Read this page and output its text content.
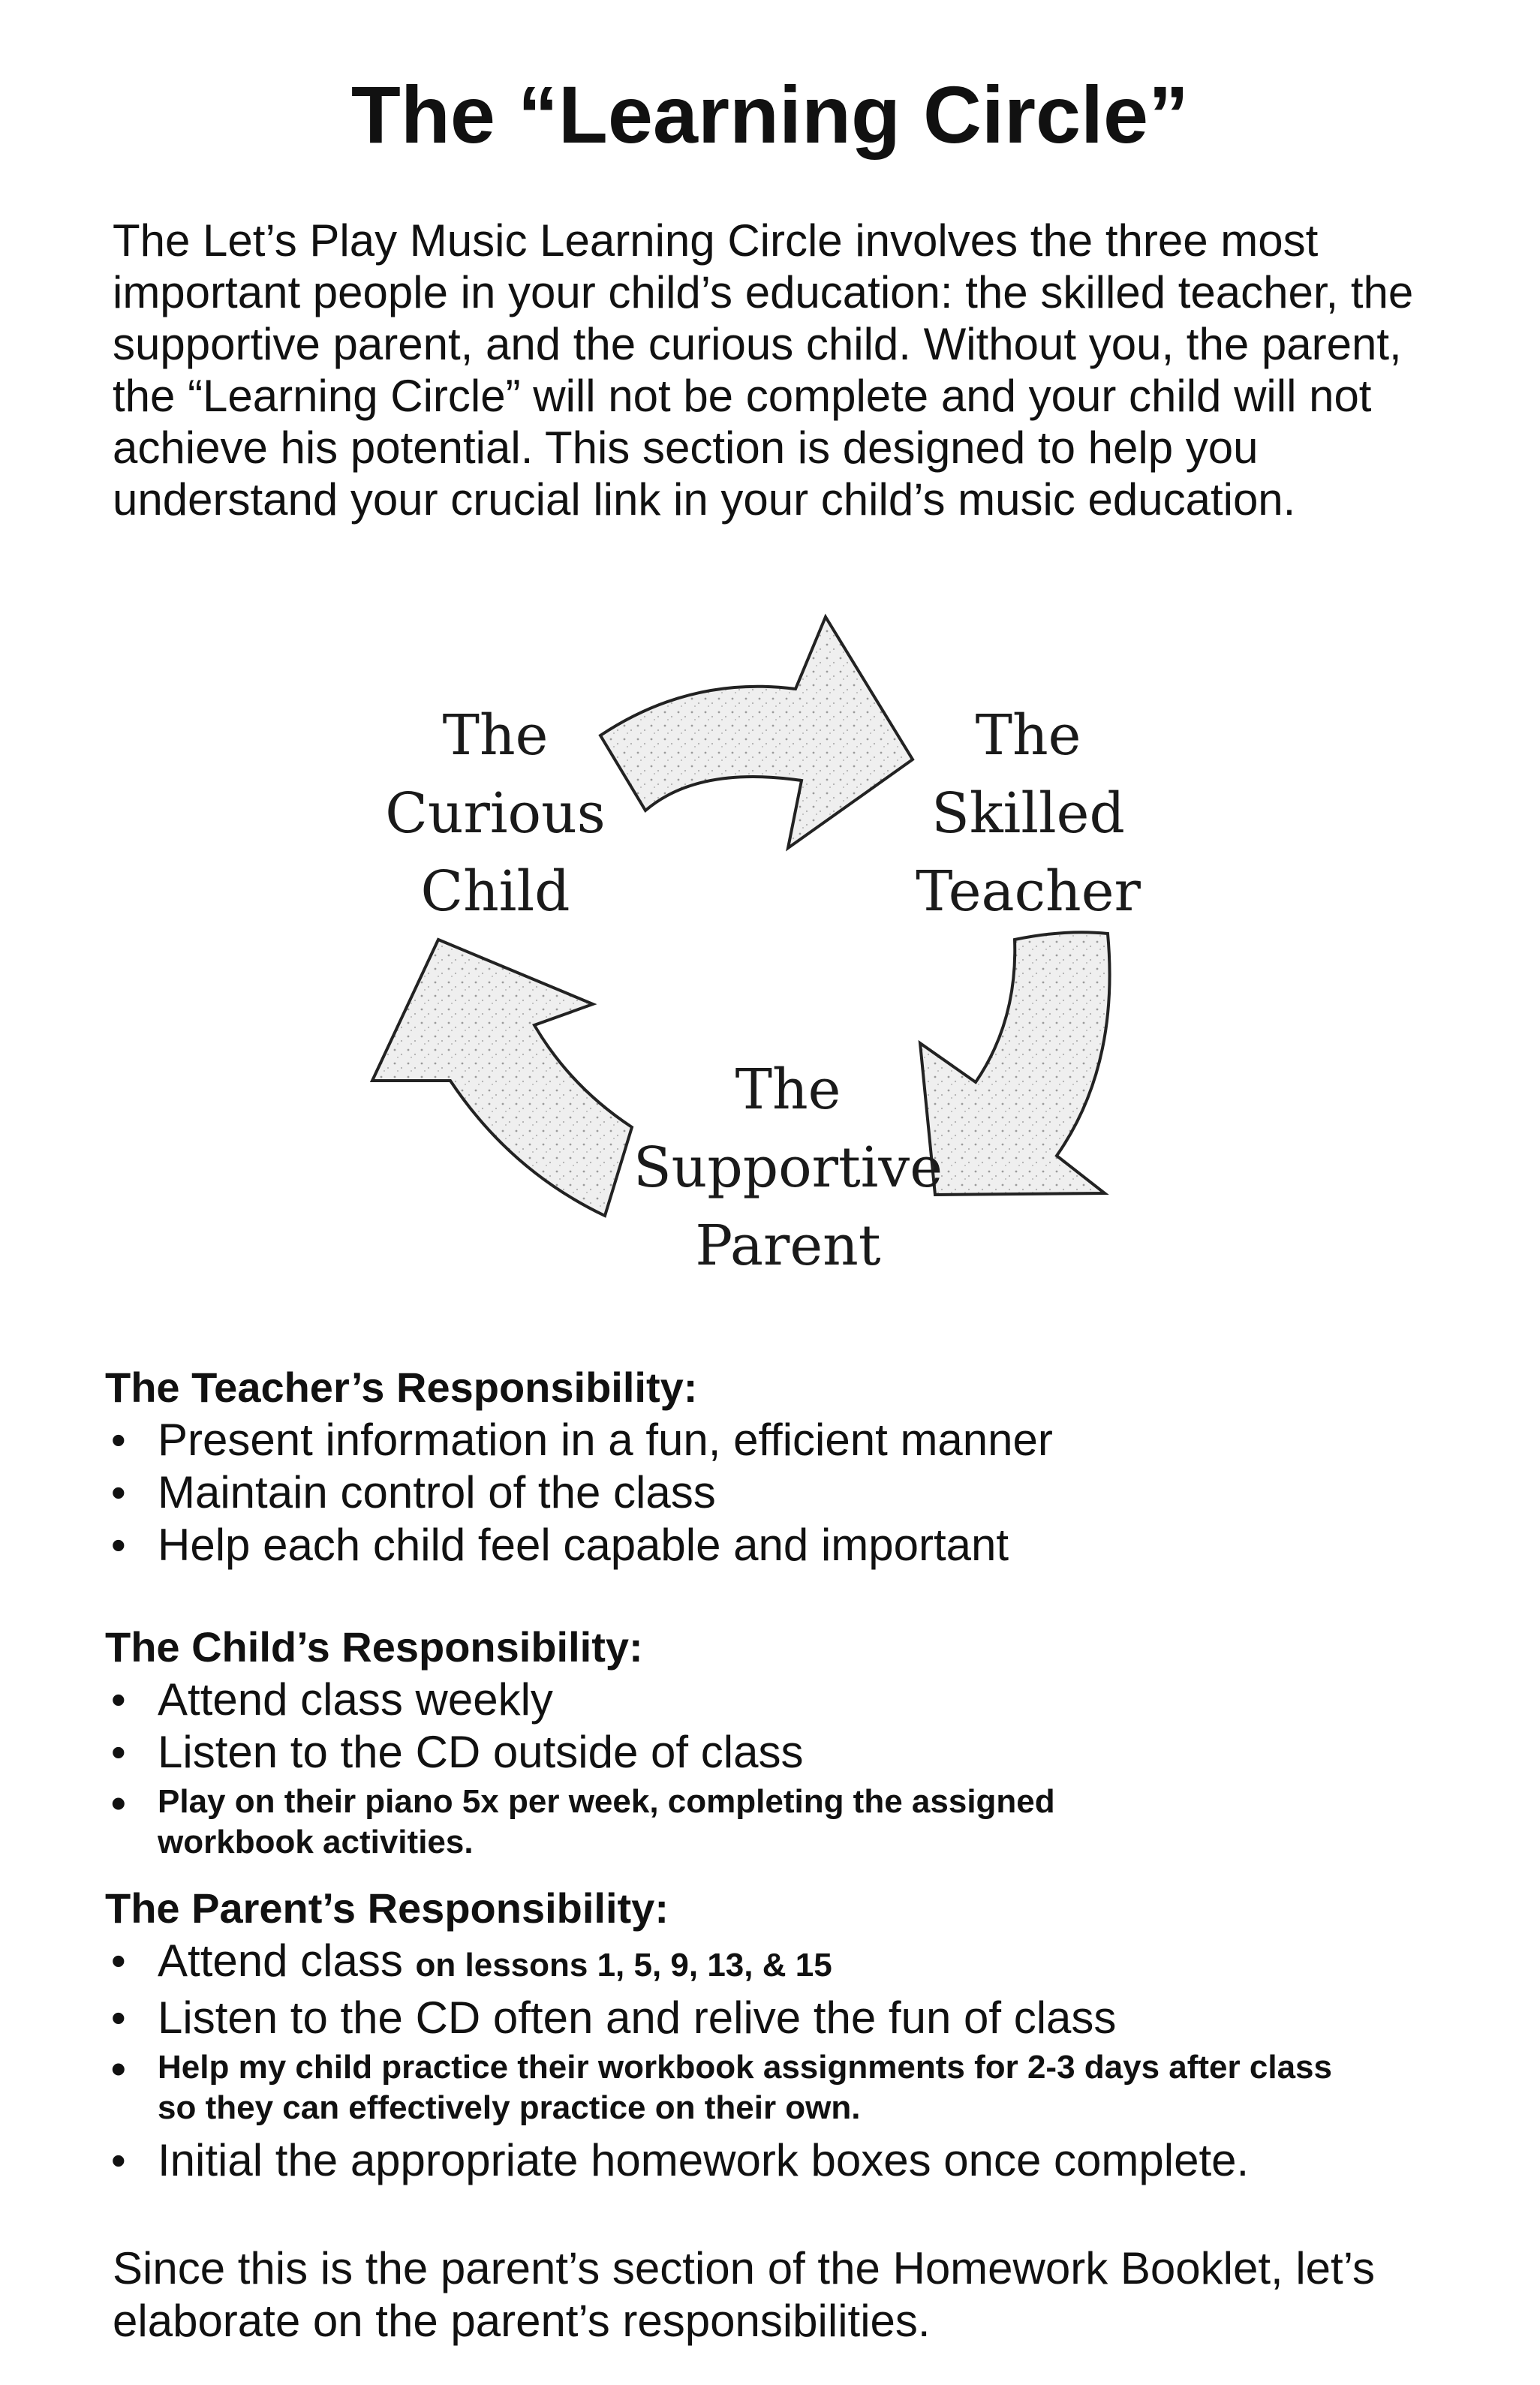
The “Learning Circle”

The Let’s Play Music Learning Circle involves the three most important people in your child’s education: the skilled teacher, the supportive parent, and the curious child. Without you, the parent, the “Learning Circle” will not be complete and your child will not achieve his potential. This section is designed to help you understand your crucial link in your child’s music education.

The
Curious
Child
The
Skilled
Teacher
The
Supportive
Parent
The Teacher’s Responsibility:
• Present information in a fun, efficient manner
• Maintain control of the class
• Help each child feel capable and important
The Child’s Responsibility:
• Attend class weekly
• Listen to the CD outside of class
• Play on their piano 5x per week, completing the assigned workbook activities.
The Parent’s Responsibility:
• Attend class on lessons 1, 5, 9, 13, & 15
• Listen to the CD often and relive the fun of class
• Help my child practice their workbook assignments for 2-3 days after class so they can effectively practice on their own.
• Initial the appropriate homework boxes once complete.

Since this is the parent’s section of the Homework Booklet, let’s elaborate on the parent’s responsibilities.
